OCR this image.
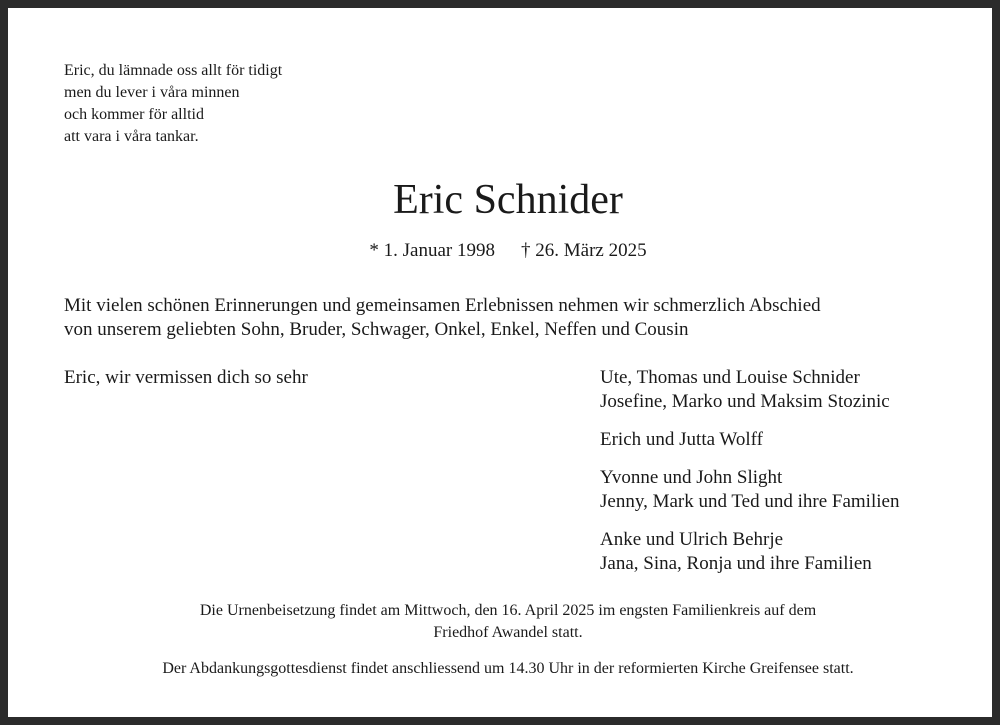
Eric, du lämnade oss allt för tidigt
men du lever i våra minnen
och kommer för alltid
att vara i våra tankar.
Eric Schnider
* 1. Januar 1998 † 26. März 2025
Mit vielen schönen Erinnerungen und gemeinsamen Erlebnissen nehmen wir schmerzlich Abschied
von unserem geliebten Sohn, Bruder, Schwager, Onkel, Enkel, Neffen und Cousin
Eric, wir vermissen dich so sehr	Ute, Thomas und Louise Schnider
Josefine, Marko und Maksim Stozinic
Erich und Jutta Wolff
Yvonne und John Slight
Jenny, Mark und Ted und ihre Familien
Anke und Ulrich Behrje
Jana, Sina, Ronja und ihre Familien
Die Urnenbeisetzung findet am Mittwoch, den 16. April 2025 im engsten Familienkreis auf dem
Friedhof Awandel statt.
Der Abdankungsgottesdienst findet anschliessend um 14.30 Uhr in der reformierten Kirche Greifensee statt.
